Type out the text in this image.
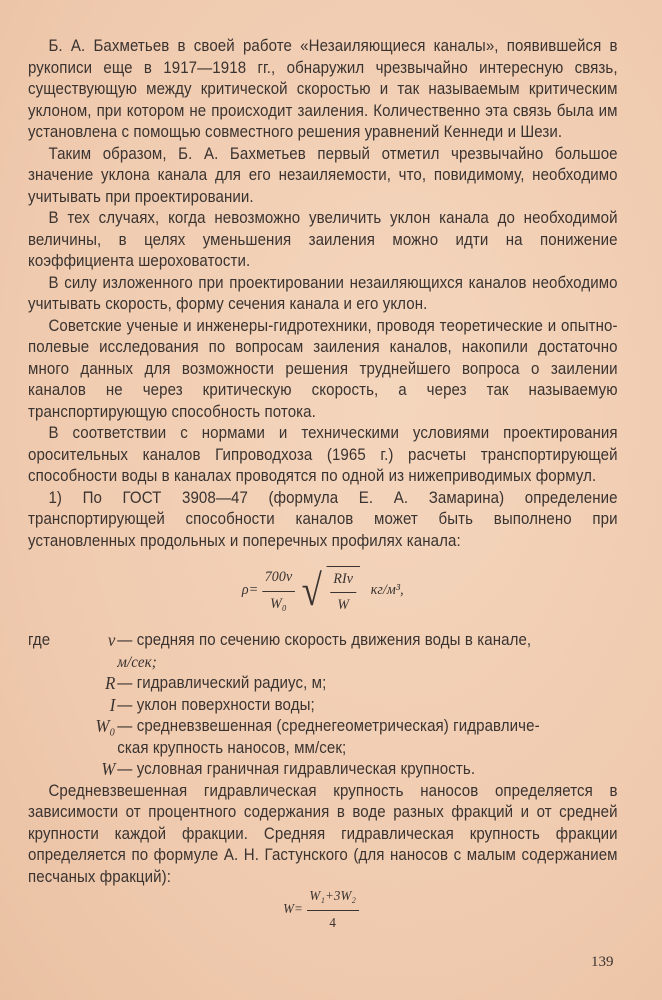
Б. А. Бахметьев в своей работе «Незаиляющиеся каналы», появившейся в рукописи еще в 1917—1918 гг., обнаружил чрезвычайно интересную связь, существующую между критической скоростью и так называемым критическим уклоном, при котором не происходит заиления. Количественно эта связь была им установлена с помощью совместного решения уравнений Кеннеди и Шези.

Таким образом, Б. А. Бахметьев первый отметил чрезвычайно большое значение уклона канала для его незаиляемости, что, повидимому, необходимо учитывать при проектировании.

В тех случаях, когда невозможно увеличить уклон канала до необходимой величины, в целях уменьшения заиления можно идти на понижение коэффициента шероховатости.

В силу изложенного при проектировании незаиляющихся каналов необходимо учитывать скорость, форму сечения канала и его уклон.

Советские ученые и инженеры-гидротехники, проводя теоретические и опытно-полевые исследования по вопросам заиления каналов, накопили достаточно много данных для возможности решения труднейшего вопроса о заилении каналов не через критическую скорость, а через так называемую транспортирующую способность потока.

В соответствии с нормами и техническими условиями проектирования оросительных каналов Гипроводхоза (1965 г.) расчеты транспортирующей способности воды в каналах проводятся по одной из нижеприводимых формул.

1) По ГОСТ 3908—47 (формула Е. А. Замарина) определение транспортирующей способности каналов может быть выполнено при установленных продольных и поперечных профилях канала:

$\rho= \frac{700v}{\text{W₀}}$ √ $\frac{\text{RIv}}{W} кг/м^3$,
где	v — средняя по сечению скорость движения воды в канале,
м/сек;
R — гидравлический радиус, м;
I — уклон поверхности воды;
W₀ — средневзвешенная (среднегеометрическая) гидравличе-
ская крупность наносов, мм/сек;
W — условная граничная гидравлическая крупность.

Средневзвешенная гидравлическая крупность наносов определяется в зависимости от процентного содержания в воде разных фракций и от средней крупности каждой фракции. Средняя гидравлическая крупность фракции определяется по формуле А. Н. Гастунского (для наносов с малым содержанием песчаных фракций):

$W= \frac{\text{W₁+3W₂}}{4}$
139
